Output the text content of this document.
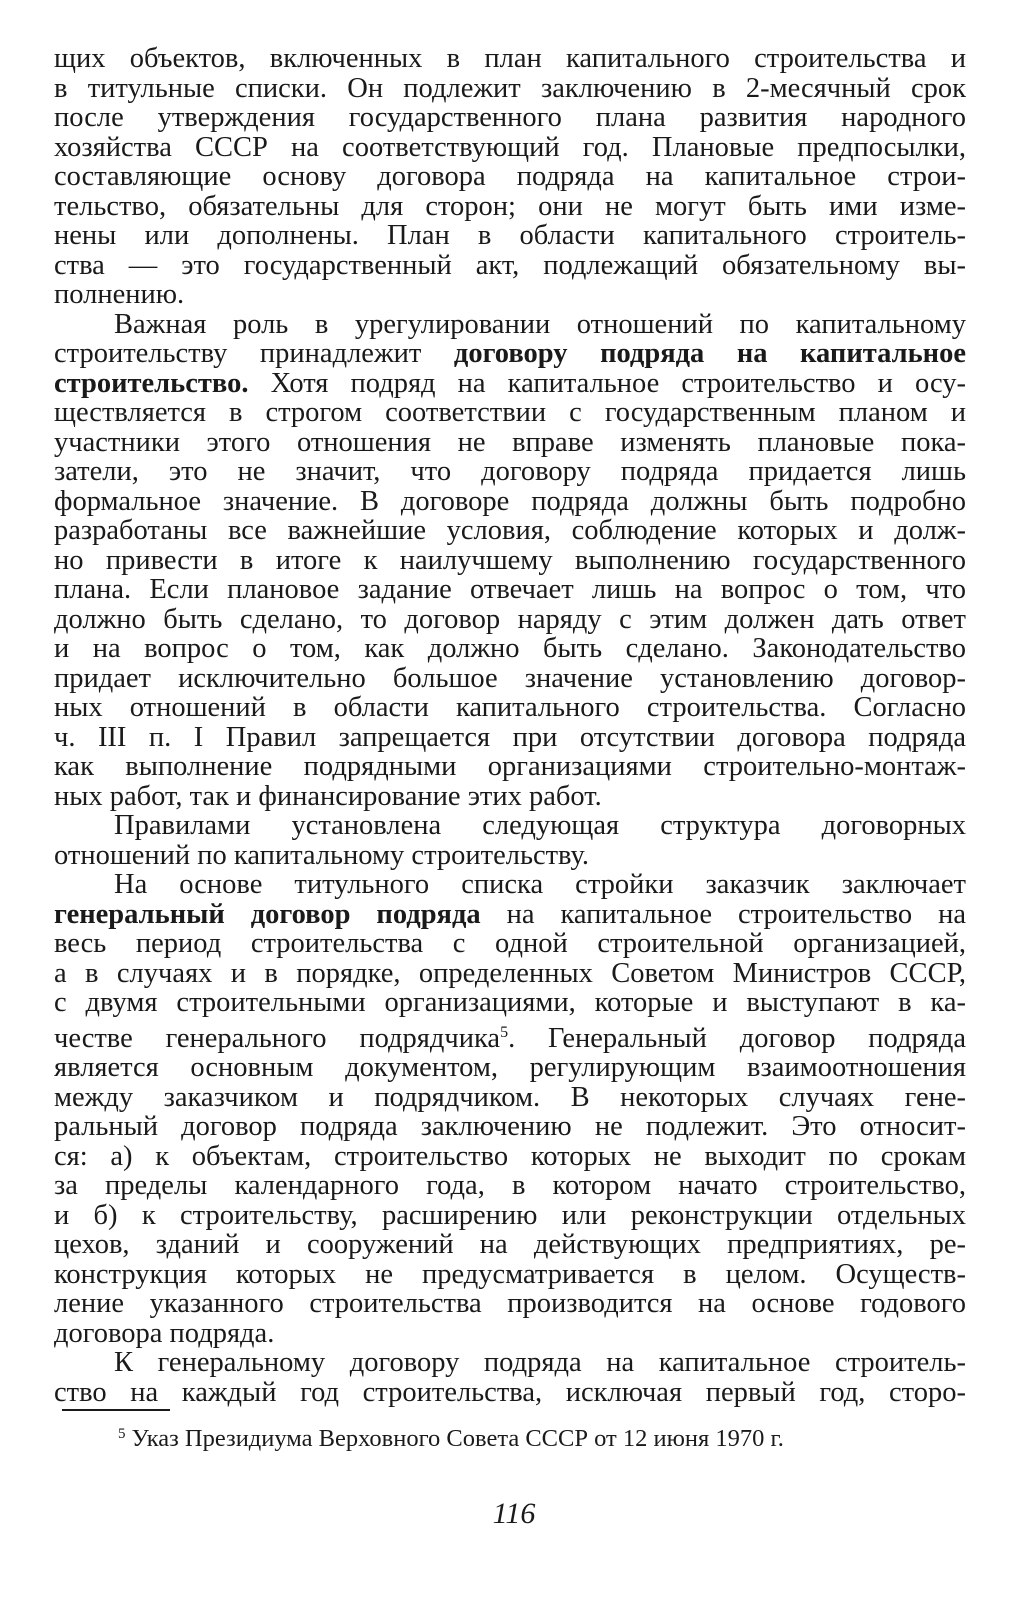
щих объектов, включенных в план капитального строительства и
в титульные списки. Он подлежит заключению в 2-месячный срок
после утверждения государственного плана развития народного
хозяйства СССР на соответствующий год. Плановые предпосылки,
составляющие основу договора подряда на капитальное строи-
тельство, обязательны для сторон; они не могут быть ими изме-
нены или дополнены. План в области капитального строитель-
ства — это государственный акт, подлежащий обязательному вы-
полнению.
Важная роль в урегулировании отношений по капитальному
строительству принадлежит договору подряда на капитальное
строительство. Хотя подряд на капитальное строительство и осу-
ществляется в строгом соответствии с государственным планом и
участники этого отношения не вправе изменять плановые пока-
затели, это не значит, что договору подряда придается лишь
формальное значение. В договоре подряда должны быть подробно
разработаны все важнейшие условия, соблюдение которых и долж-
но привести в итоге к наилучшему выполнению государственного
плана. Если плановое задание отвечает лишь на вопрос о том, что
должно быть сделано, то договор наряду с этим должен дать ответ
и на вопрос о том, как должно быть сделано. Законодательство
придает исключительно большое значение установлению договор-
ных отношений в области капитального строительства. Согласно
ч. III п. I Правил запрещается при отсутствии договора подряда
как выполнение подрядными организациями строительно-монтаж-
ных работ, так и финансирование этих работ.
Правилами установлена следующая структура договорных
отношений по капитальному строительству.
На основе титульного списка стройки заказчик заключает
генеральный договор подряда на капитальное строительство на
весь период строительства с одной строительной организацией,
а в случаях и в порядке, определенных Советом Министров СССР,
с двумя строительными организациями, которые и выступают в ка-
честве генерального подрядчика$^5$. Генеральный договор подряда
является основным документом, регулирующим взаимоотношения
между заказчиком и подрядчиком. В некоторых случаях гене-
ральный договор подряда заключению не подлежит. Это относит-
ся: а) к объектам, строительство которых не выходит по срокам
за пределы календарного года, в котором начато строительство,
и б) к строительству, расширению или реконструкции отдельных
цехов, зданий и сооружений на действующих предприятиях, ре-
конструкция которых не предусматривается в целом. Осуществ-
ление указанного строительства производится на основе годового
договора подряда.
К генеральному договору подряда на капитальное строитель-
ство на каждый год строительства, исключая первый год, сторо-
$^5$ Указ Президиума Верховного Совета СССР от 12 июня 1970 г.
116
